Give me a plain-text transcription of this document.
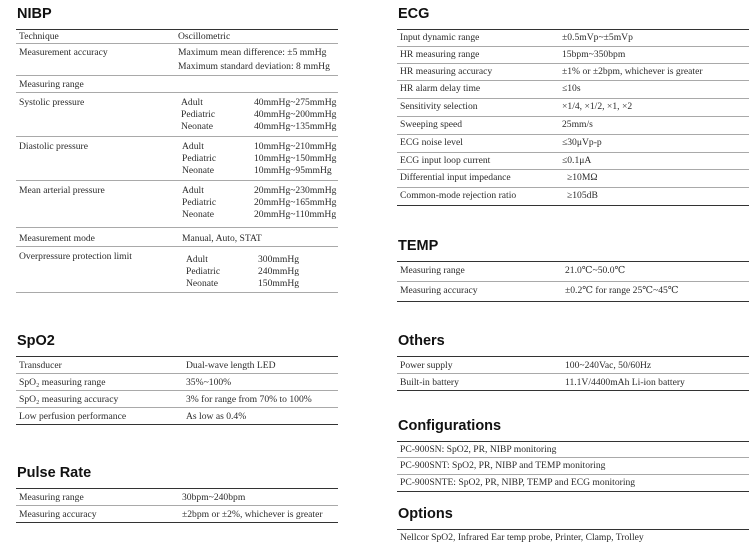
NIBP
Technique	Oscillometric
Measurement accuracy	Maximum mean difference: ±5 mmHg
Maximum standard deviation: 8 mmHg
Measuring range
Systolic pressure	Adult	40mmHg~275mmHg
Pediatric	40mmHg~200mmHg
Neonate	40mmHg~135mmHg
Diastolic pressure	Adult	10mmHg~210mmHg
Pediatric	10mmHg~150mmHg
Neonate	10mmHg~95mmHg
Mean arterial pressure	Adult	20mmHg~230mmHg
Pediatric	20mmHg~165mmHg
Neonate	20mmHg~110mmHg
Measurement mode	Manual, Auto, STAT
Overpressure protection limit	Adult	300mmHg
Pediatric	240mmHg
Neonate	150mmHg
SpO2
Transducer	Dual-wave length LED
SpO₂ measuring range	35%~100%
SpO₂ measuring accuracy	3% for range from 70% to 100%
Low perfusion performance	As low as 0.4%
Pulse Rate
Measuring range	30bpm~240bpm
Measuring accuracy	±2bpm or ±2%, whichever is greater
ECG
Input dynamic range	±0.5mVp~±5mVp
HR measuring range	15bpm~350bpm
HR measuring accuracy	±1% or ±2bpm, whichever is greater
HR alarm delay time	≤10s
Sensitivity selection	×1/4, ×1/2, ×1, ×2
Sweeping speed	25mm/s
ECG noise level	≤30μVp-p
ECG input loop current	≤0.1μA
Differential input impedance	≥10MΩ
Common-mode rejection ratio	≥105dB
TEMP
Measuring range	21.0℃~50.0℃
Measuring accuracy	±0.2℃ for range 25℃~45℃
Others
Power supply	100~240Vac, 50/60Hz
Built-in battery	11.1V/4400mAh Li-ion battery
Configurations
PC-900SN: SpO2, PR, NIBP monitoring
PC-900SNT: SpO2, PR, NIBP and TEMP monitoring
PC-900SNTE: SpO2, PR, NIBP, TEMP and ECG monitoring
Options
Nellcor SpO2, Infrared Ear temp probe, Printer, Clamp, Trolley
